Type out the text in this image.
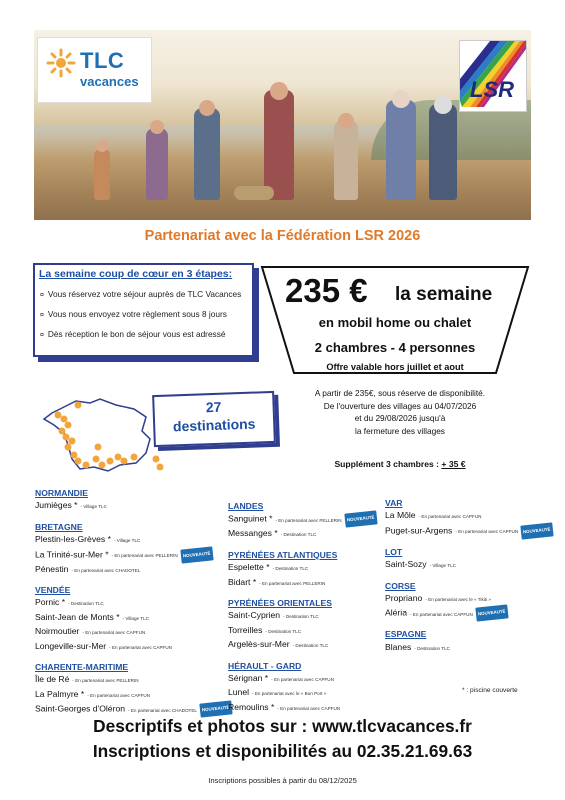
TLC
vacances	LSR
Partenariat avec la Fédération LSR 2026
La semaine coup de cœur en 3 étapes:
¤ Vous réservez votre séjour auprès de TLC Vacances
¤ Vous nous envoyez votre règlement sous 8 jours
¤ Dès réception le bon de séjour vous est adressé
235 € la semaine
en mobil home ou chalet
2 chambres - 4 personnes
Offre valable hors juillet et aout
A partir de 235€, sous réserve de disponibilité.
De l'ouverture des villages au 04/07/2026
et du 29/08/2026 jusqu'à
la fermeture des villages
Supplément 3 chambres : + 35 €
27
destinations
NORMANDIE
Jumièges * - Village TLC
BRETAGNE
Plestin-les-Grèves * - Village TLC
La Trinité-sur-Mer * - En partenariat avec PELLERIN NOUVEAUTÉ
Pénestin - En partenariat avec CHADOTEL
VENDÉE
Pornic * - Destination TLC
Saint-Jean de Monts * - Village TLC
Noirmoutier - En partenariat avec CAPFUN
Longeville-sur-Mer - En partenariat avec CAPFUN
CHARENTE-MARITIME
Île de Ré - En partenariat avec PELLERIN
La Palmyre * - En partenariat avec CAPFUN
Saint-Georges d'Oléron - En partenariat avec CHADOTEL NOUVEAUTÉ
LANDES
Sanguinet * - En partenariat avec PELLERIN NOUVEAUTÉ
Messanges * - Destination TLC
PYRÉNÉES ATLANTIQUES
Espelette * - Destination TLC
Bidart * - En partenariat avec PELLERIN
PYRÉNÉES ORIENTALES
Saint-Cyprien - Destination TLC
Torreilles - Destination TLC
Argelès-sur-Mer - Destination TLC
HÉRAULT - GARD
Sérignan * - En partenariat avec CAPFUN
Lunel - En partenariat avec le « Bon Port »
Remoulins * - En partenariat avec CAPFUN
VAR
La Môle - En partenariat avec CAPFUN
Puget-sur-Argens - En partenariat avec CAPFUN NOUVEAUTÉ
LOT
Saint-Sozy - Village TLC
CORSE
Propriano - En partenariat avec le « Tikiti »
Aléria - En partenariat avec CAPFUN NOUVEAUTÉ
ESPAGNE
Blanes - Destination TLC
* : piscine couverte
Descriptifs et photos sur : www.tlcvacances.fr
Inscriptions et disponibilités au 02.35.21.69.63
Inscriptions possibles à partir du 08/12/2025
